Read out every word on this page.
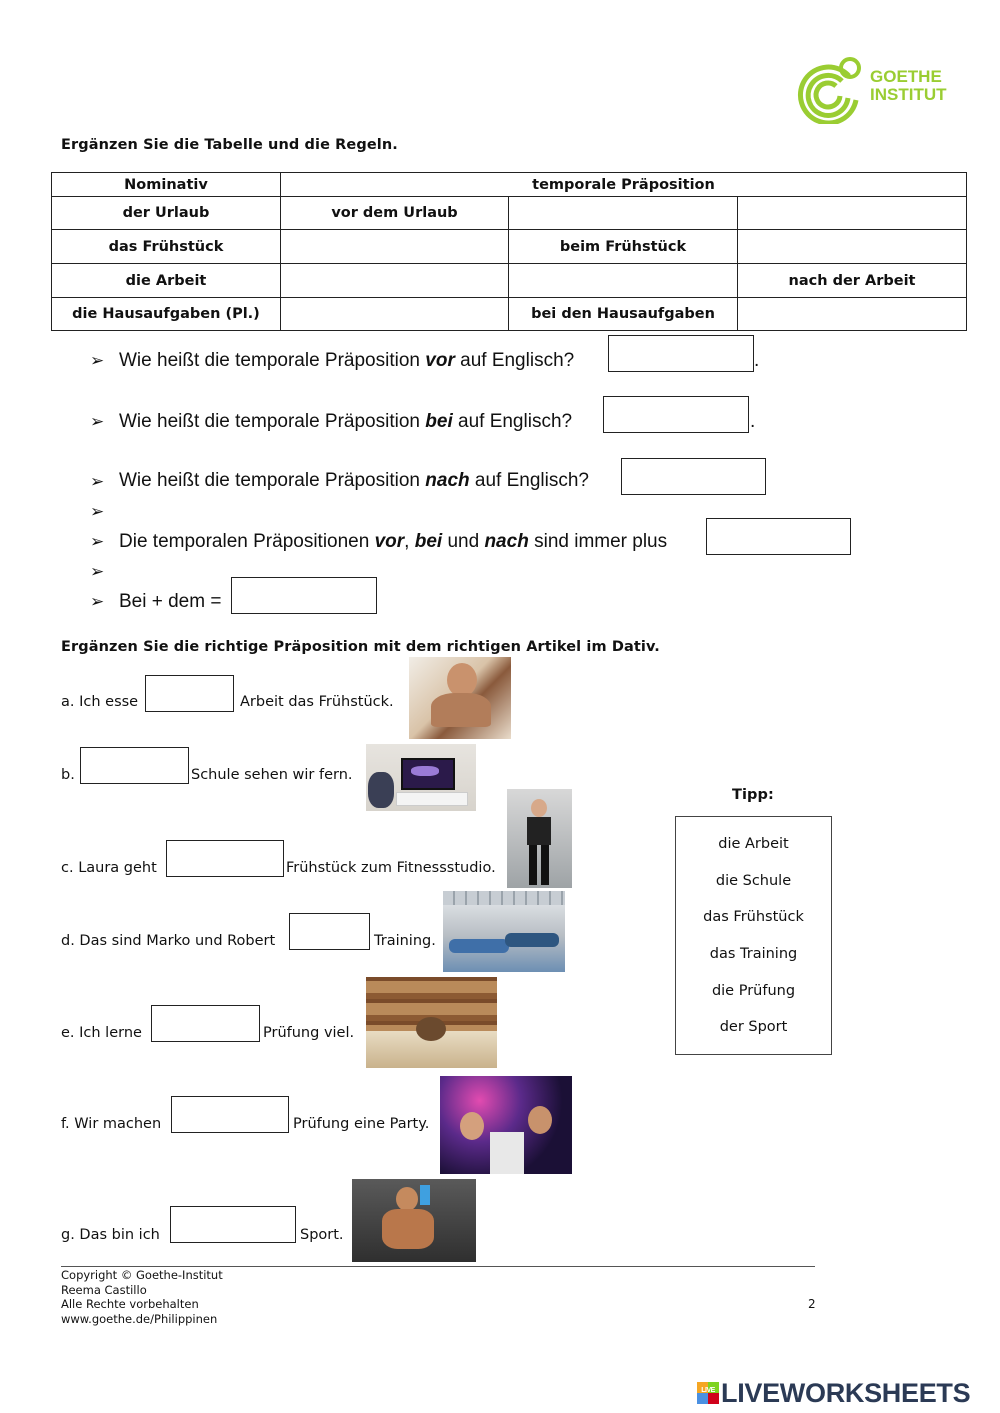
GOETHE
INSTITUT
Ergänzen Sie die Tabelle und die Regeln.
Nominativ	temporale Präposition		
der Urlaub	vor dem Urlaub		
das Frühstück		beim Frühstück	
die Arbeit			nach der Arbeit
die Hausaufgaben (Pl.)		bei den Hausaufgaben	
➢ Wie heißt die temporale Präposition vor auf Englisch?	.
➢ Wie heißt die temporale Präposition bei auf Englisch?	.
➢ Wie heißt die temporale Präposition nach auf Englisch?
➢
➢ Die temporalen Präpositionen vor, bei und nach sind immer plus
➢
➢ Bei + dem =
Ergänzen Sie die richtige Präposition mit dem richtigen Artikel im Dativ.
a. Ich esse	Arbeit das Frühstück.
b.	Schule sehen wir fern.
c. Laura geht	Frühstück zum Fitnessstudio.
d. Das sind Marko und Robert	Training.
e. Ich lerne	Prüfung viel.
f. Wir machen	Prüfung eine Party.
g. Das bin ich	Sport.
Tipp:
die Arbeit
die Schule
das Frühstück
das Training
die Prüfung
der Sport
Copyright © Goethe-Institut
Reema Castillo
Alle Rechte vorbehalten
www.goethe.de/Philippinen
2
LIVE LIVEWORKSHEETS
